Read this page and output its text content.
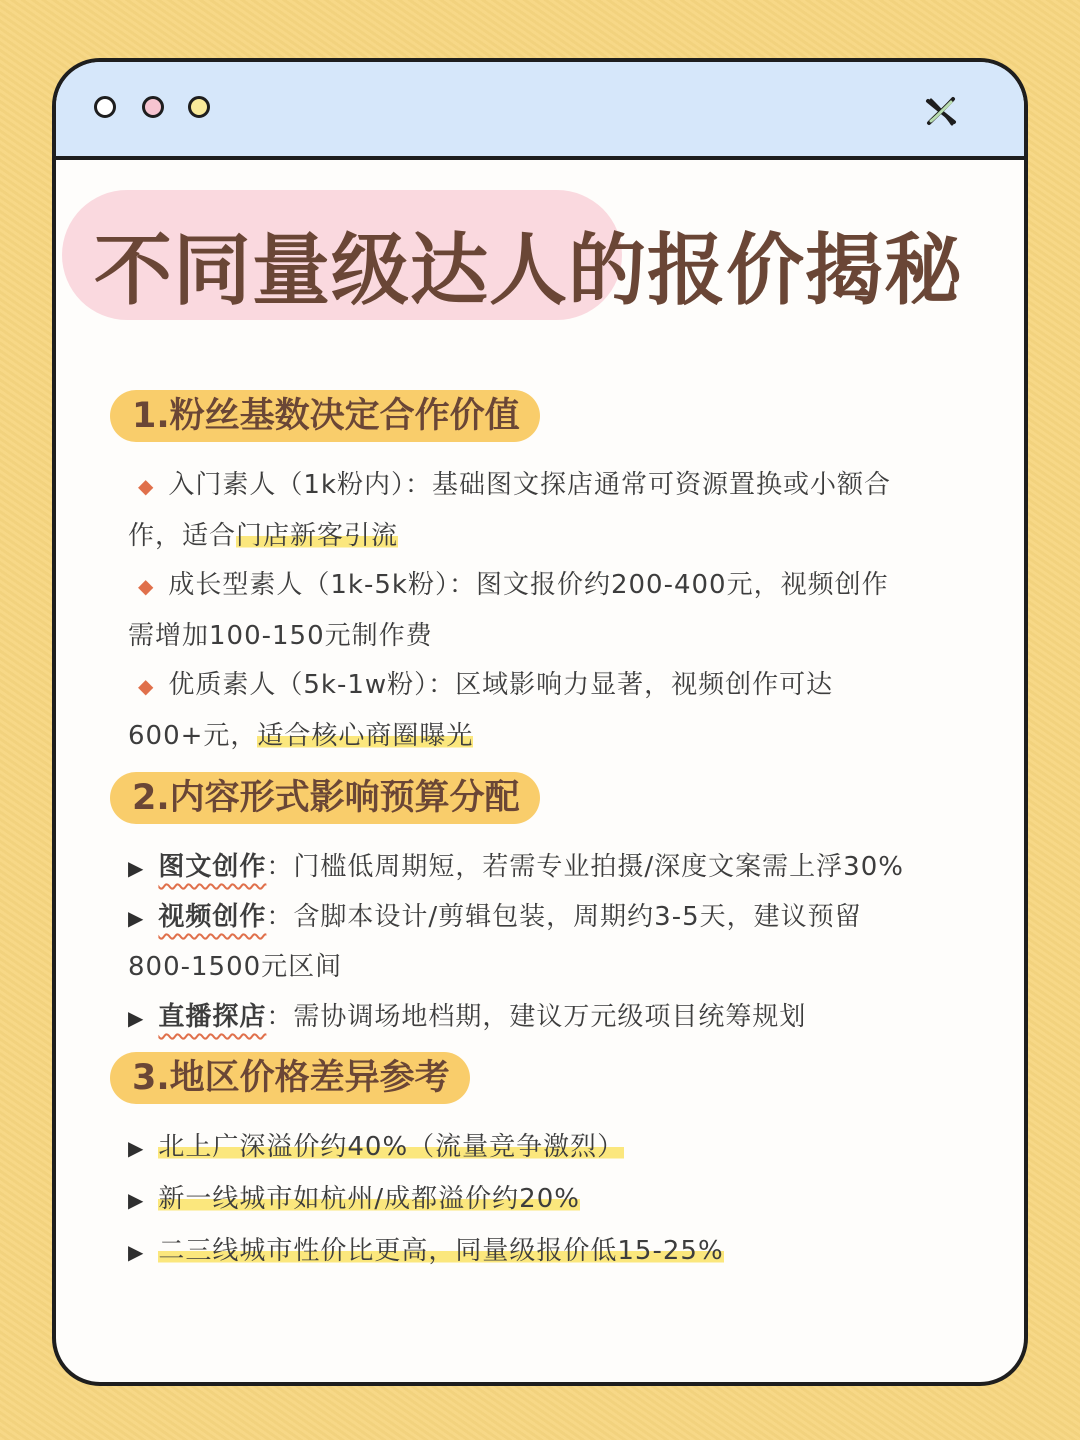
不同量级达人的报价揭秘
1.粉丝基数决定合作价值

◆ 入门素人（1k粉内）：基础图文探店通常可资源置换或小额合
作，适合门店新客引流

◆ 成长型素人（1k-5k粉）：图文报价约200-400元，视频创作
需增加100-150元制作费

◆ 优质素人（5k-1w粉）：区域影响力显著，视频创作可达
600+元，适合核心商圈曝光

2.内容形式影响预算分配
▶ 图文创作：门槛低周期短，若需专业拍摄/深度文案需上浮30%
▶ 视频创作：含脚本设计/剪辑包装，周期约3-5天，建议预留
800-1500元区间
▶ 直播探店：需协调场地档期，建议万元级项目统筹规划
3.地区价格差异参考
▶ 北上广深溢价约40%（流量竞争激烈）
▶ 新一线城市如杭州/成都溢价约20%
▶ 二三线城市性价比更高，同量级报价低15-25%
